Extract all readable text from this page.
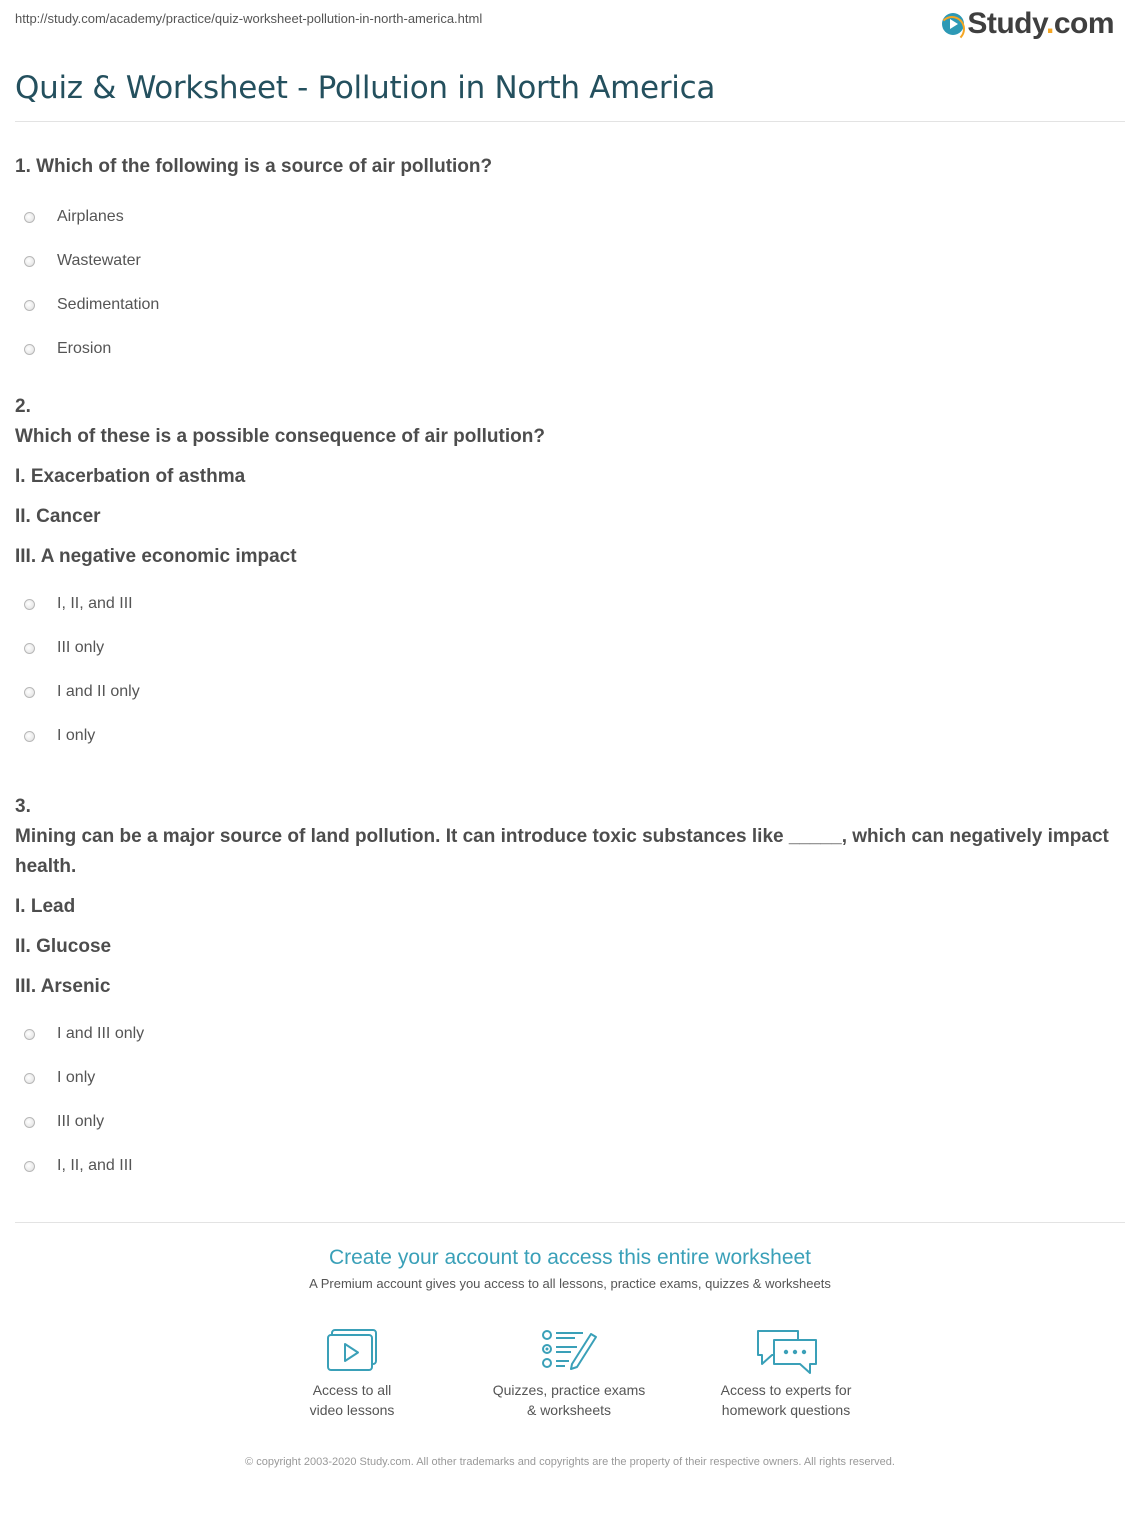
http://study.com/academy/practice/quiz-worksheet-pollution-in-north-america.html	Study.com
Quiz & Worksheet - Pollution in North America
1. Which of the following is a source of air pollution?
Airplanes
Wastewater
Sedimentation
Erosion
2.
Which of these is a possible consequence of air pollution?
I. Exacerbation of asthma
II. Cancer
III. A negative economic impact
I, II, and III
III only
I and II only
I only
3.
Mining can be a major source of land pollution. It can introduce toxic substances like _____, which can negatively impact health.
I. Lead
II. Glucose
III. Arsenic
I and III only
I only
III only
I, II, and III
Create your account to access this entire worksheet
A Premium account gives you access to all lessons, practice exams, quizzes & worksheets
Access to all
video lessons
Quizzes, practice exams
& worksheets
Access to experts for
homework questions
© copyright 2003-2020 Study.com. All other trademarks and copyrights are the property of their respective owners. All rights reserved.
